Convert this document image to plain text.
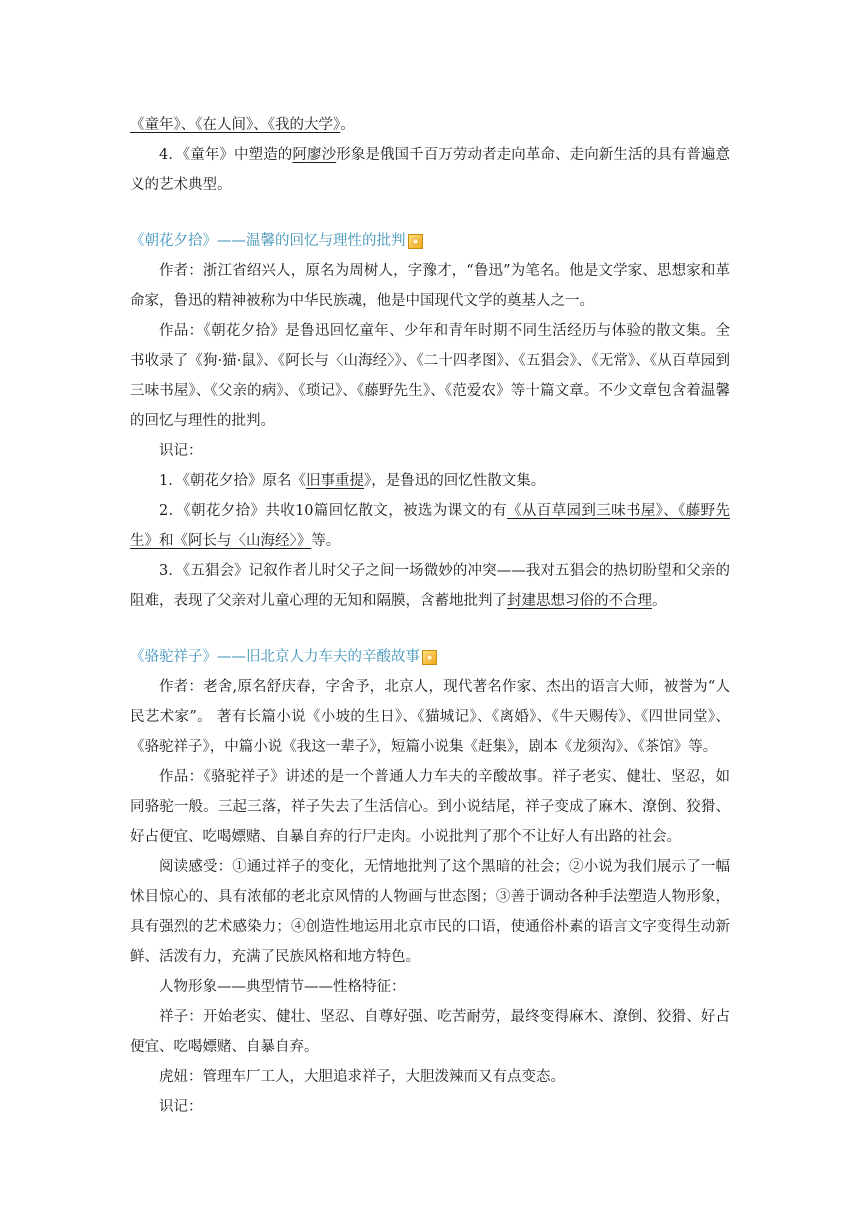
《童年》、《在人间》、《我的大学》。

4．《童年》中塑造的阿廖沙形象是俄国千百万劳动者走向革命、走向新生活的具有普遍意义的艺术典型。

《朝花夕拾》——温馨的回忆与理性的批判

作者：浙江省绍兴人，原名为周树人，字豫才，“鲁迅”为笔名。他是文学家、思想家和革命家，鲁迅的精神被称为中华民族魂，他是中国现代文学的奠基人之一。

作品：《朝花夕拾》是鲁迅回忆童年、少年和青年时期不同生活经历与体验的散文集。全书收录了《狗·猫·鼠》、《阿长与〈山海经〉》、《二十四孝图》、《五猖会》、《无常》、《从百草园到三味书屋》、《父亲的病》、《琐记》、《藤野先生》、《范爱农》等十篇文章。不少文章包含着温馨的回忆与理性的批判。

识记：

1．《朝花夕拾》原名《旧事重提》，是鲁迅的回忆性散文集。

2．《朝花夕拾》共收10篇回忆散文，被选为课文的有《从百草园到三味书屋》、《藤野先生》和《阿长与〈山海经〉》等。

3．《五猖会》记叙作者儿时父子之间一场微妙的冲突——我对五猖会的热切盼望和父亲的阻难，表现了父亲对儿童心理的无知和隔膜，含蓄地批判了封建思想习俗的不合理。

《骆驼祥子》——旧北京人力车夫的辛酸故事

作者：老舍,原名舒庆春，字舍予，北京人，现代著名作家、杰出的语言大师，被誉为“人民艺术家”。 著有长篇小说《小坡的生日》、《猫城记》、《离婚》、《牛天赐传》、《四世同堂》、《骆驼祥子》，中篇小说《我这一辈子》，短篇小说集《赶集》，剧本《龙须沟》、《茶馆》等。

作品：《骆驼祥子》讲述的是一个普通人力车夫的辛酸故事。祥子老实、健壮、坚忍，如同骆驼一般。三起三落，祥子失去了生活信心。到小说结尾，祥子变成了麻木、潦倒、狡猾、好占便宜、吃喝嫖赌、自暴自弃的行尸走肉。小说批判了那个不让好人有出路的社会。

阅读感受：①通过祥子的变化，无情地批判了这个黑暗的社会；②小说为我们展示了一幅怵目惊心的、具有浓郁的老北京风情的人物画与世态图；③善于调动各种手法塑造人物形象，具有强烈的艺术感染力；④创造性地运用北京市民的口语，使通俗朴素的语言文字变得生动新鲜、活泼有力，充满了民族风格和地方特色。

人物形象——典型情节——性格特征：

祥子：开始老实、健壮、坚忍、自尊好强、吃苦耐劳，最终变得麻木、潦倒、狡猾、好占便宜、吃喝嫖赌、自暴自弃。

虎妞：管理车厂工人，大胆追求祥子，大胆泼辣而又有点变态。

识记：
